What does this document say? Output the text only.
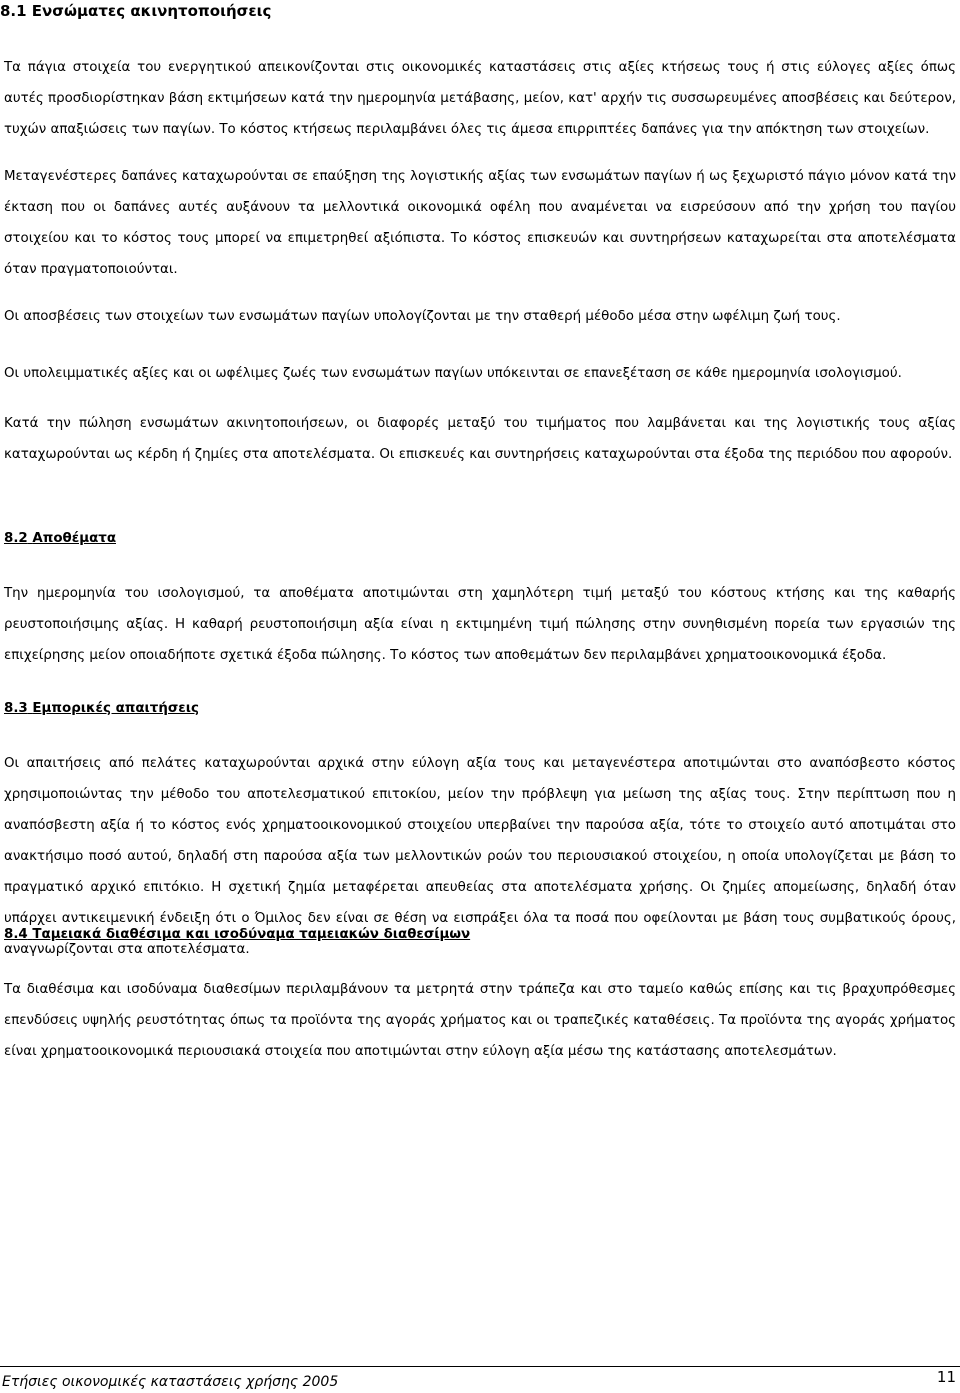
8.1 Ενσώματες ακινητοποιήσεις

Τα πάγια στοιχεία του ενεργητικού απεικονίζονται στις οικονομικές καταστάσεις στις αξίες κτήσεως τους ή στις εύλογες αξίες όπως αυτές προσδιορίστηκαν βάση εκτιμήσεων κατά την ημερομηνία μετάβασης, μείον, κατ' αρχήν τις συσσωρευμένες αποσβέσεις και δεύτερον, τυχών απαξιώσεις των παγίων. Το κόστος κτήσεως περιλαμβάνει όλες τις άμεσα επιρριπτέες δαπάνες για την απόκτηση των στοιχείων.

Μεταγενέστερες δαπάνες καταχωρούνται σε επαύξηση της λογιστικής αξίας των ενσωμάτων παγίων ή ως ξεχωριστό πάγιο μόνον κατά την έκταση που οι δαπάνες αυτές αυξάνουν τα μελλοντικά οικονομικά οφέλη που αναμένεται να εισρεύσουν από την χρήση του παγίου στοιχείου και το κόστος τους μπορεί να επιμετρηθεί αξιόπιστα. Το κόστος επισκευών και συντηρήσεων καταχωρείται στα αποτελέσματα όταν πραγματοποιούνται.

Οι αποσβέσεις των στοιχείων των ενσωμάτων παγίων υπολογίζονται με την σταθερή μέθοδο μέσα στην ωφέλιμη ζωή τους.

Οι υπολειμματικές αξίες και οι ωφέλιμες ζωές των ενσωμάτων παγίων υπόκεινται σε επανεξέταση σε κάθε ημερομηνία ισολογισμού.

Κατά την πώληση ενσωμάτων ακινητοποιήσεων, οι διαφορές μεταξύ του τιμήματος που λαμβάνεται και της λογιστικής τους αξίας καταχωρούνται ως κέρδη ή ζημίες στα αποτελέσματα. Οι επισκευές και συντηρήσεις καταχωρούνται στα έξοδα της περιόδου που αφορούν.

8.2 Αποθέματα

Την ημερομηνία του ισολογισμού, τα αποθέματα αποτιμώνται στη χαμηλότερη τιμή μεταξύ του κόστους κτήσης και της καθαρής ρευστοποιήσιμης αξίας. Η καθαρή ρευστοποιήσιμη αξία είναι η εκτιμημένη τιμή πώλησης στην συνηθισμένη πορεία των εργασιών της επιχείρησης μείον οποιαδήποτε σχετικά έξοδα πώλησης. Το κόστος των αποθεμάτων δεν περιλαμβάνει χρηματοοικονομικά έξοδα.

8.3 Εμπορικές απαιτήσεις

Οι απαιτήσεις από πελάτες καταχωρούνται αρχικά στην εύλογη αξία τους και μεταγενέστερα αποτιμώνται στο αναπόσβεστο κόστος χρησιμοποιώντας την μέθοδο του αποτελεσματικού επιτοκίου, μείον την πρόβλεψη για μείωση της αξίας τους. Στην περίπτωση που η αναπόσβεστη αξία ή το κόστος ενός χρηματοοικονομικού στοιχείου υπερβαίνει την παρούσα αξία, τότε το στοιχείο αυτό αποτιμάται στο ανακτήσιμο ποσό αυτού, δηλαδή στη παρούσα αξία των μελλοντικών ροών του περιουσιακού στοιχείου, η οποία υπολογίζεται με βάση το πραγματικό αρχικό επιτόκιο. Η σχετική ζημία μεταφέρεται απευθείας στα αποτελέσματα χρήσης. Οι ζημίες απομείωσης, δηλαδή όταν υπάρχει αντικειμενική ένδειξη ότι ο Όμιλος δεν είναι σε θέση να εισπράξει όλα τα ποσά που οφείλονται με βάση τους συμβατικούς όρους, αναγνωρίζονται στα αποτελέσματα.

8.4 Ταμειακά διαθέσιμα και ισοδύναμα ταμειακών διαθεσίμων

Τα διαθέσιμα και ισοδύναμα διαθεσίμων περιλαμβάνουν τα μετρητά στην τράπεζα και στο ταμείο καθώς επίσης και τις βραχυπρόθεσμες επενδύσεις υψηλής ρευστότητας όπως τα προϊόντα της αγοράς χρήματος και οι τραπεζικές καταθέσεις. Τα προϊόντα της αγοράς χρήματος είναι χρηματοοικονομικά περιουσιακά στοιχεία που αποτιμώνται στην εύλογη αξία μέσω της κατάστασης αποτελεσμάτων.

Ετήσιες οικονομικές καταστάσεις χρήσης 2005	11
